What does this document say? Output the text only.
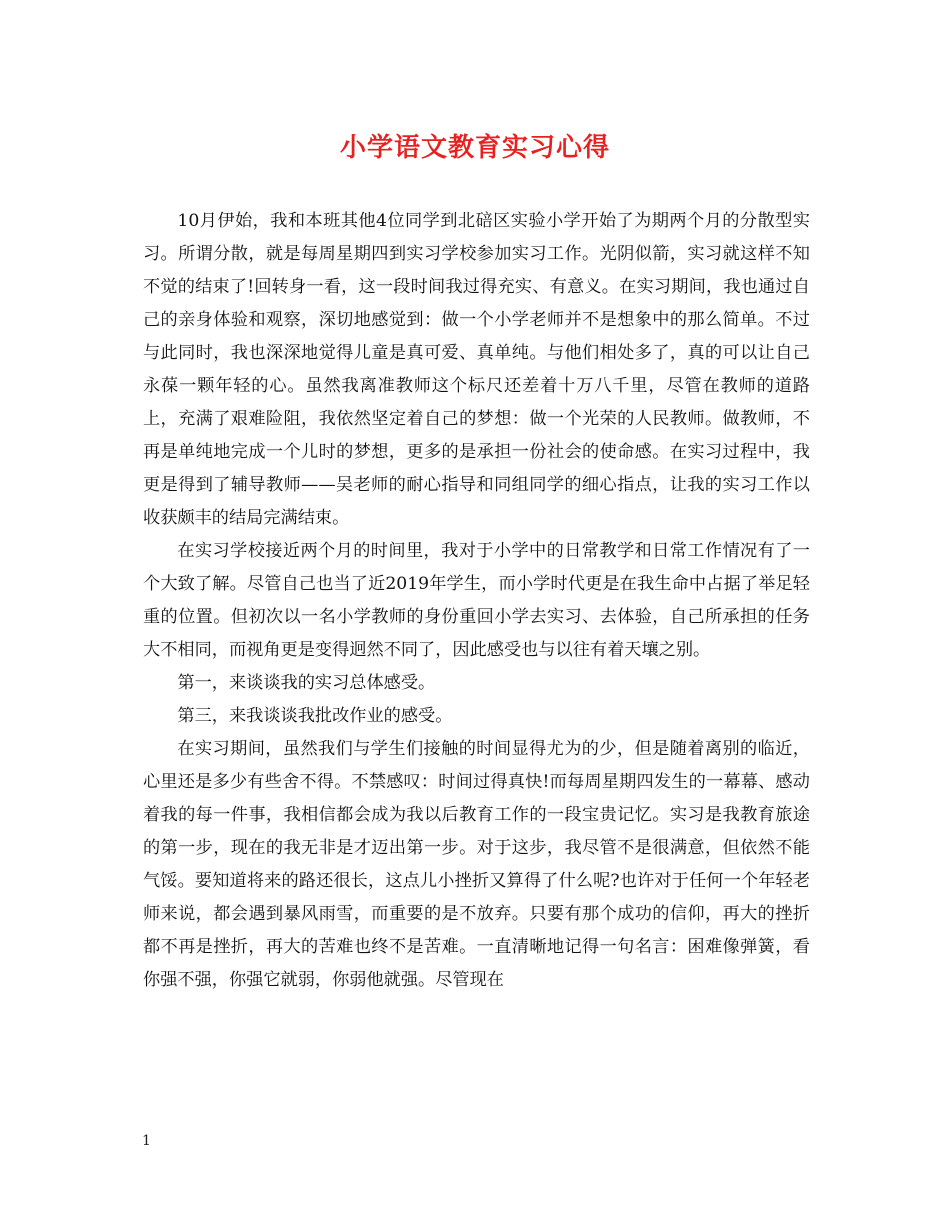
小学语文教育实习心得

10月伊始，我和本班其他4位同学到北碚区实验小学开始了为期两个月的分散型实习。所谓分散，就是每周星期四到实习学校参加实习工作。光阴似箭，实习就这样不知不觉的结束了!回转身一看，这一段时间我过得充实、有意义。在实习期间，我也通过自己的亲身体验和观察，深切地感觉到：做一个小学老师并不是想象中的那么简单。不过与此同时，我也深深地觉得儿童是真可爱、真单纯。与他们相处多了，真的可以让自己永葆一颗年轻的心。虽然我离准教师这个标尺还差着十万八千里，尽管在教师的道路上，充满了艰难险阻，我依然坚定着自己的梦想：做一个光荣的人民教师。做教师，不再是单纯地完成一个儿时的梦想，更多的是承担一份社会的使命感。在实习过程中，我更是得到了辅导教师——吴老师的耐心指导和同组同学的细心指点，让我的实习工作以收获颇丰的结局完满结束。

在实习学校接近两个月的时间里，我对于小学中的日常教学和日常工作情况有了一个大致了解。尽管自己也当了近2019年学生，而小学时代更是在我生命中占据了举足轻重的位置。但初次以一名小学教师的身份重回小学去实习、去体验，自己所承担的任务大不相同，而视角更是变得迥然不同了，因此感受也与以往有着天壤之别。

第一，来谈谈我的实习总体感受。

第三，来我谈谈我批改作业的感受。

在实习期间，虽然我们与学生们接触的时间显得尤为的少，但是随着离别的临近，心里还是多少有些舍不得。不禁感叹：时间过得真快!而每周星期四发生的一幕幕、感动着我的每一件事，我相信都会成为我以后教育工作的一段宝贵记忆。实习是我教育旅途的第一步，现在的我无非是才迈出第一步。对于这步，我尽管不是很满意，但依然不能气馁。要知道将来的路还很长，这点儿小挫折又算得了什么呢?也许对于任何一个年轻老师来说，都会遇到暴风雨雪，而重要的是不放弃。只要有那个成功的信仰，再大的挫折都不再是挫折，再大的苦难也终不是苦难。一直清晰地记得一句名言：困难像弹簧，看你强不强，你强它就弱，你弱他就强。尽管现在

1
